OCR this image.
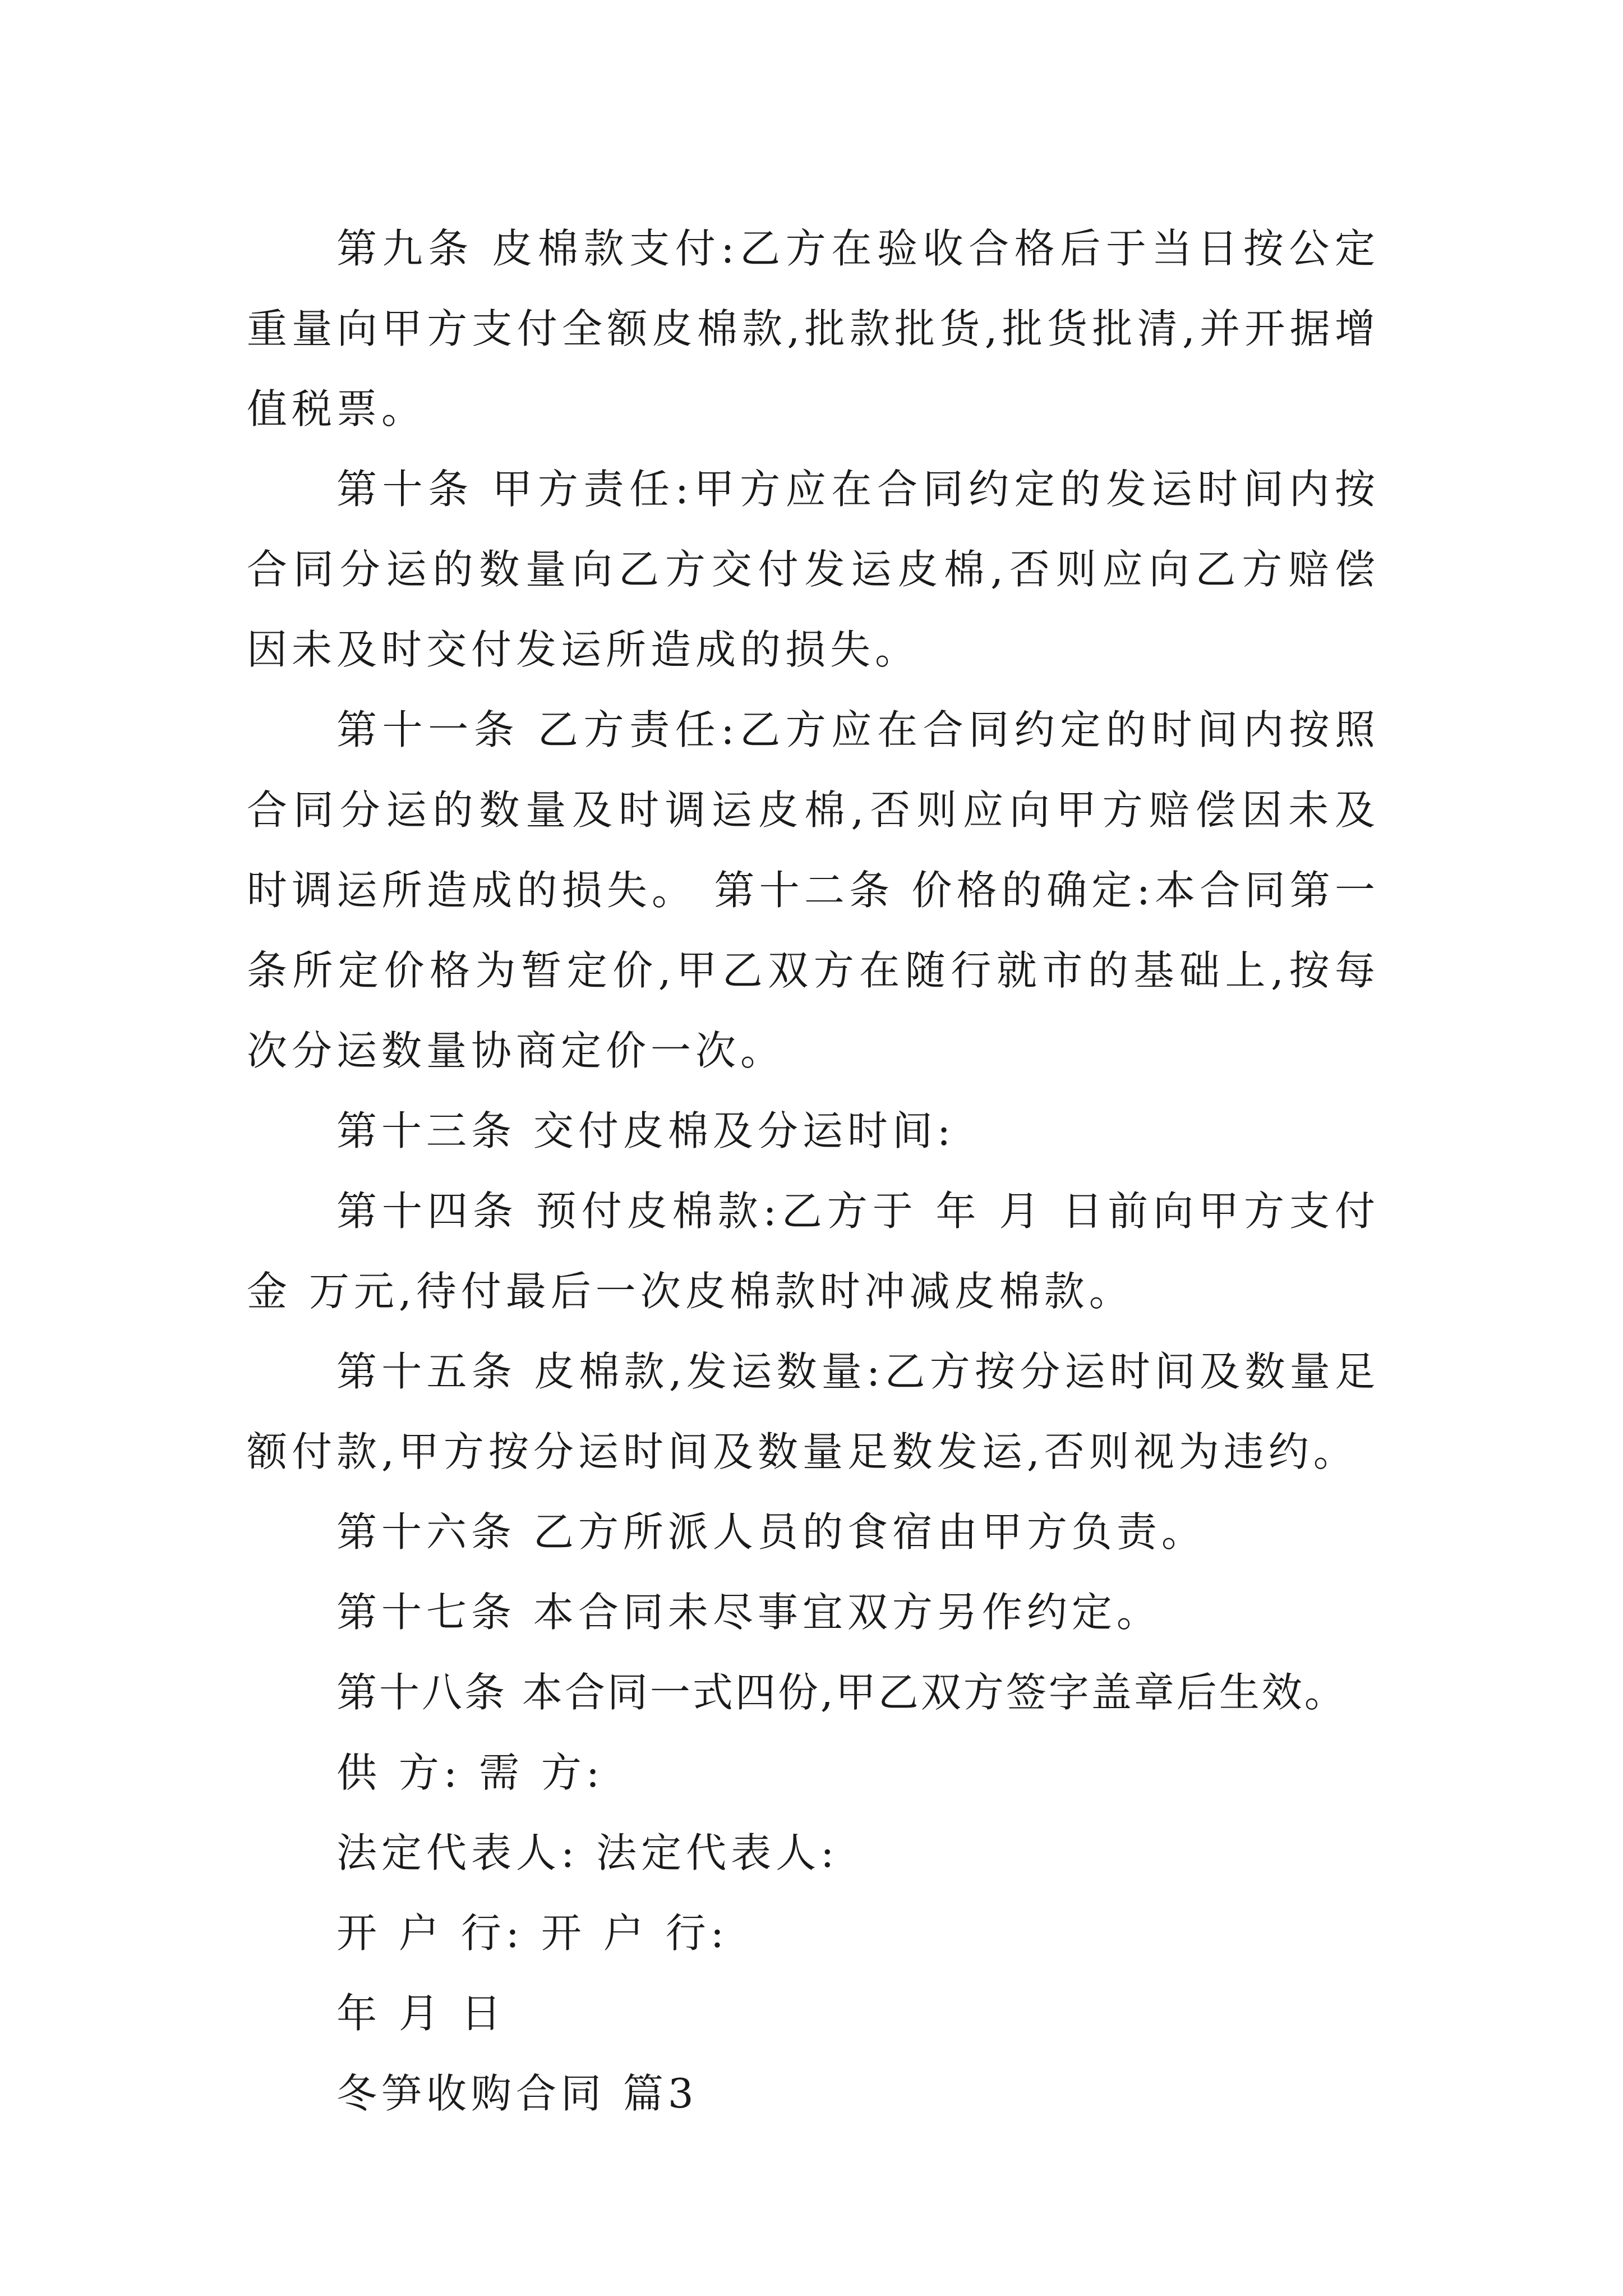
第九条 皮棉款支付:乙方在验收合格后于当日按公定重量向甲方支付全额皮棉款,批款批货,批货批清,并开据增值税票。

第十条 甲方责任:甲方应在合同约定的发运时间内按合同分运的数量向乙方交付发运皮棉,否则应向乙方赔偿因未及时交付发运所造成的损失。

第十一条 乙方责任:乙方应在合同约定的时间内按照合同分运的数量及时调运皮棉,否则应向甲方赔偿因未及时调运所造成的损失。 第十二条 价格的确定:本合同第一条所定价格为暂定价,甲乙双方在随行就市的基础上,按每次分运数量协商定价一次。

第十三条 交付皮棉及分运时间:

第十四条 预付皮棉款:乙方于 年 月 日前向甲方支付金 万元,待付最后一次皮棉款时冲减皮棉款。

第十五条 皮棉款,发运数量:乙方按分运时间及数量足额付款,甲方按分运时间及数量足数发运,否则视为违约。

第十六条 乙方所派人员的食宿由甲方负责。

第十七条 本合同未尽事宜双方另作约定。

第十八条 本合同一式四份,甲乙双方签字盖章后生效。

供 方: 需 方:

法定代表人: 法定代表人:

开 户 行: 开 户 行:

年 月 日

冬笋收购合同 篇3
